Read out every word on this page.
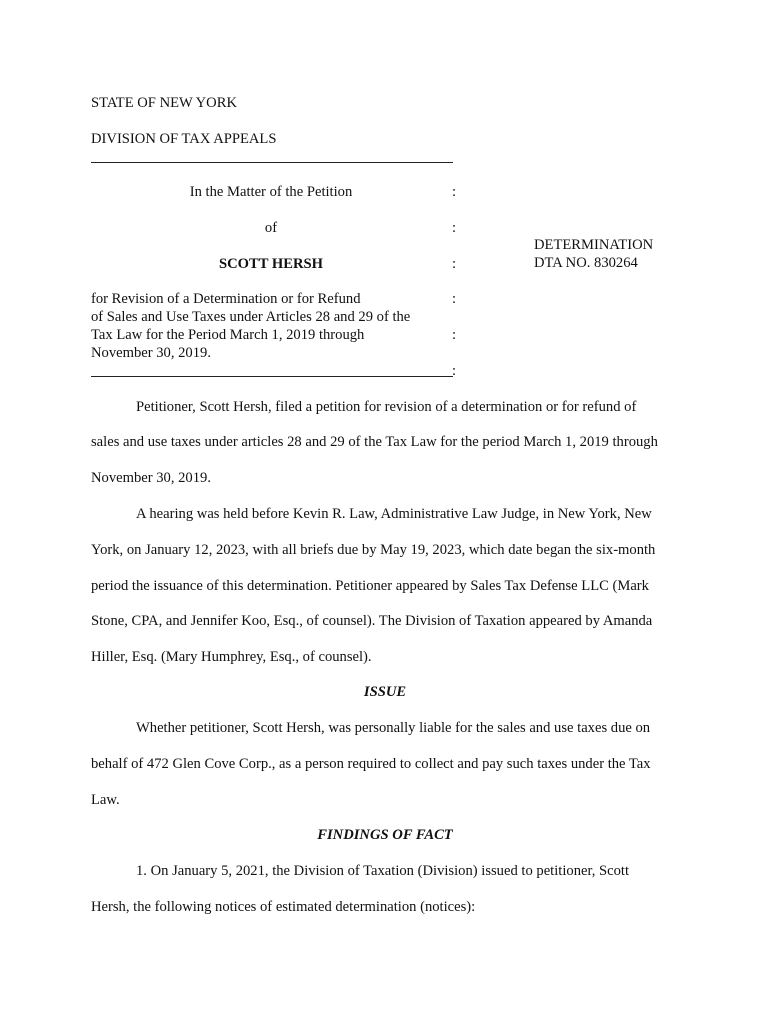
STATE OF NEW YORK
DIVISION OF TAX APPEALS
In the Matter of the Petition	:
of	:
SCOTT HERSH	:
for Revision of a Determination or for Refund	:
of Sales and Use Taxes under Articles 28 and 29 of the
Tax Law for the Period March 1, 2019 through	:
November 30, 2019.
:
DETERMINATION
DTA NO. 830264
Petitioner, Scott Hersh, filed a petition for revision of a determination or for refund of
sales and use taxes under articles 28 and 29 of the Tax Law for the period March 1, 2019 through
November 30, 2019.
A hearing was held before Kevin R. Law, Administrative Law Judge, in New York, New
York, on January 12, 2023, with all briefs due by May 19, 2023, which date began the six-month
period the issuance of this determination. Petitioner appeared by Sales Tax Defense LLC (Mark
Stone, CPA, and Jennifer Koo, Esq., of counsel). The Division of Taxation appeared by Amanda
Hiller, Esq. (Mary Humphrey, Esq., of counsel).
ISSUE
Whether petitioner, Scott Hersh, was personally liable for the sales and use taxes due on
behalf of 472 Glen Cove Corp., as a person required to collect and pay such taxes under the Tax
Law.
FINDINGS OF FACT
1. On January 5, 2021, the Division of Taxation (Division) issued to petitioner, Scott
Hersh, the following notices of estimated determination (notices):
